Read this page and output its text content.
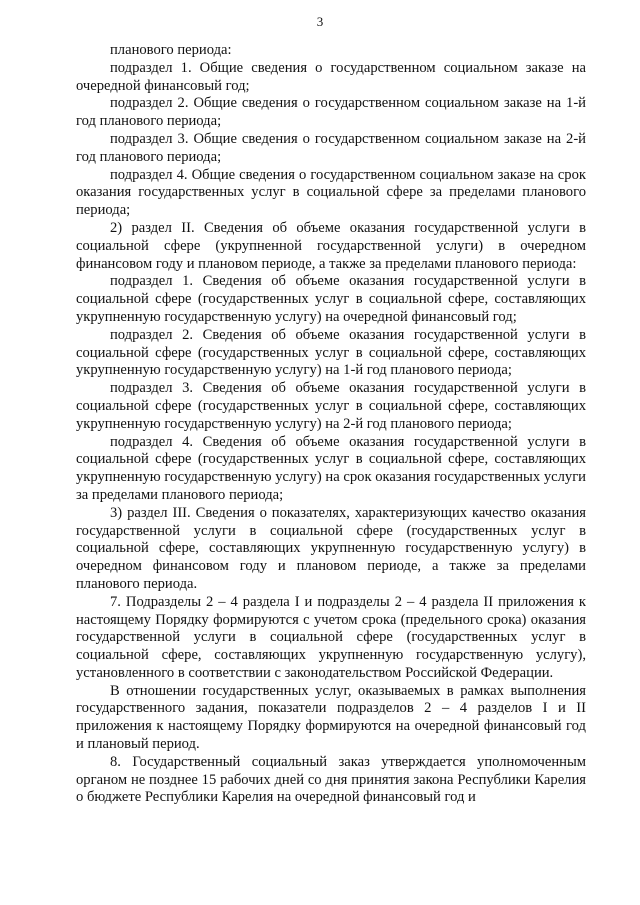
3

планового периода:

подраздел 1. Общие сведения о государственном социальном заказе на очередной финансовый год;

подраздел 2. Общие сведения о государственном социальном заказе на 1-й год планового периода;

подраздел 3. Общие сведения о государственном социальном заказе на 2-й год планового периода;

подраздел 4. Общие сведения о государственном социальном заказе на срок оказания государственных услуг в социальной сфере за пределами планового периода;

2) раздел II. Сведения об объеме оказания государственной услуги в социальной сфере (укрупненной государственной услуги) в очередном финансовом году и плановом периоде, а также за пределами планового периода:

подраздел 1. Сведения об объеме оказания государственной услуги в социальной сфере (государственных услуг в социальной сфере, составляющих укрупненную государственную услугу) на очередной финансовый год;

подраздел 2. Сведения об объеме оказания государственной услуги в социальной сфере (государственных услуг в социальной сфере, составляющих укрупненную государственную услугу) на 1-й год планового периода;

подраздел 3. Сведения об объеме оказания государственной услуги в социальной сфере (государственных услуг в социальной сфере, составляющих укрупненную государственную услугу) на 2-й год планового периода;

подраздел 4. Сведения об объеме оказания государственной услуги в социальной сфере (государственных услуг в социальной сфере, составляющих укрупненную государственную услугу) на срок оказания государственных услуги за пределами планового периода;

3) раздел III. Сведения о показателях, характеризующих качество оказания государственной услуги в социальной сфере (государственных услуг в социальной сфере, составляющих укрупненную государственную услугу) в очередном финансовом году и плановом периоде, а также за пределами планового периода.

7. Подразделы 2 – 4 раздела I и подразделы 2 – 4 раздела II приложения к настоящему Порядку формируются с учетом срока (предельного срока) оказания государственной услуги в социальной сфере (государственных услуг в социальной сфере, составляющих укрупненную государственную услугу), установленного в соответствии с законодательством Российской Федерации.

В отношении государственных услуг, оказываемых в рамках выполнения государственного задания, показатели подразделов 2 – 4 разделов I и II приложения к настоящему Порядку формируются на очередной финансовый год и плановый период.

8. Государственный социальный заказ утверждается уполномоченным органом не позднее 15 рабочих дней со дня принятия закона Республики Карелия о бюджете Республики Карелия на очередной финансовый год и
